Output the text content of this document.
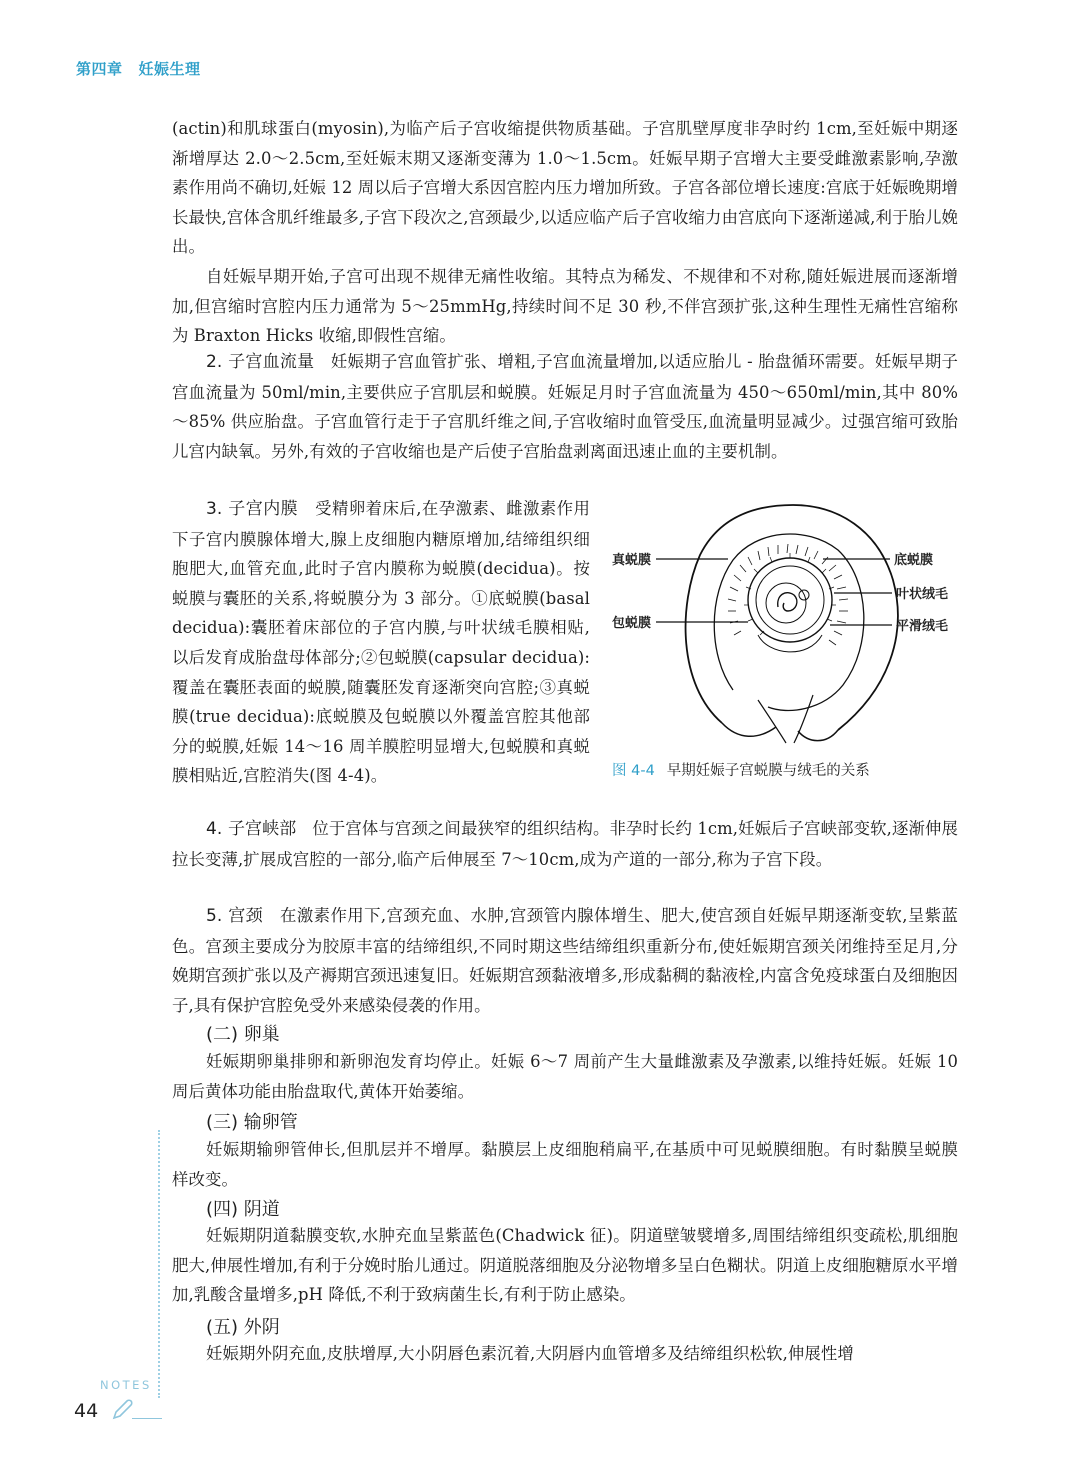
第四章 妊娠生理

(actin)和肌球蛋白(myosin),为临产后子宫收缩提供物质基础。子宫肌壁厚度非孕时约 1cm,至妊娠中期逐渐增厚达 2.0～2.5cm,至妊娠末期又逐渐变薄为 1.0～1.5cm。妊娠早期子宫增大主要受雌激素影响,孕激素作用尚不确切,妊娠 12 周以后子宫增大系因宫腔内压力增加所致。子宫各部位增长速度:宫底于妊娠晚期增长最快,宫体含肌纤维最多,子宫下段次之,宫颈最少,以适应临产后子宫收缩力由宫底向下逐渐递减,利于胎儿娩出。

自妊娠早期开始,子宫可出现不规律无痛性收缩。其特点为稀发、不规律和不对称,随妊娠进展而逐渐增加,但宫缩时宫腔内压力通常为 5～25mmHg,持续时间不足 30 秒,不伴宫颈扩张,这种生理性无痛性宫缩称为 Braxton Hicks 收缩,即假性宫缩。

2. 子宫血流量 妊娠期子宫血管扩张、增粗,子宫血流量增加,以适应胎儿 - 胎盘循环需要。妊娠早期子宫血流量为 50ml/min,主要供应子宫肌层和蜕膜。妊娠足月时子宫血流量为 450～650ml/min,其中 80%～85% 供应胎盘。子宫血管行走于子宫肌纤维之间,子宫收缩时血管受压,血流量明显减少。过强宫缩可致胎儿宫内缺氧。另外,有效的子宫收缩也是产后使子宫胎盘剥离面迅速止血的主要机制。

3. 子宫内膜 受精卵着床后,在孕激素、雌激素作用下子宫内膜腺体增大,腺上皮细胞内糖原增加,结缔组织细胞肥大,血管充血,此时子宫内膜称为蜕膜(decidua)。按蜕膜与囊胚的关系,将蜕膜分为 3 部分。①底蜕膜(basal decidua):囊胚着床部位的子宫内膜,与叶状绒毛膜相贴,以后发育成胎盘母体部分;②包蜕膜(capsular decidua):覆盖在囊胚表面的蜕膜,随囊胚发育逐渐突向宫腔;③真蜕膜(true decidua):底蜕膜及包蜕膜以外覆盖宫腔其他部分的蜕膜,妊娠 14～16 周羊膜腔明显增大,包蜕膜和真蜕膜相贴近,宫腔消失(图 4-4)。

真蜕膜
包蜕膜
底蜕膜
叶状绒毛
平滑绒毛
图 4-4 早期妊娠子宫蜕膜与绒毛的关系

4. 子宫峡部 位于宫体与宫颈之间最狭窄的组织结构。非孕时长约 1cm,妊娠后子宫峡部变软,逐渐伸展拉长变薄,扩展成宫腔的一部分,临产后伸展至 7～10cm,成为产道的一部分,称为子宫下段。

5. 宫颈 在激素作用下,宫颈充血、水肿,宫颈管内腺体增生、肥大,使宫颈自妊娠早期逐渐变软,呈紫蓝色。宫颈主要成分为胶原丰富的结缔组织,不同时期这些结缔组织重新分布,使妊娠期宫颈关闭维持至足月,分娩期宫颈扩张以及产褥期宫颈迅速复旧。妊娠期宫颈黏液增多,形成黏稠的黏液栓,内富含免疫球蛋白及细胞因子,具有保护宫腔免受外来感染侵袭的作用。

(二) 卵巢

妊娠期卵巢排卵和新卵泡发育均停止。妊娠 6～7 周前产生大量雌激素及孕激素,以维持妊娠。妊娠 10 周后黄体功能由胎盘取代,黄体开始萎缩。

(三) 输卵管

妊娠期输卵管伸长,但肌层并不增厚。黏膜层上皮细胞稍扁平,在基质中可见蜕膜细胞。有时黏膜呈蜕膜样改变。

(四) 阴道

妊娠期阴道黏膜变软,水肿充血呈紫蓝色(Chadwick 征)。阴道壁皱襞增多,周围结缔组织变疏松,肌细胞肥大,伸展性增加,有利于分娩时胎儿通过。阴道脱落细胞及分泌物增多呈白色糊状。阴道上皮细胞糖原水平增加,乳酸含量增多,pH 降低,不利于致病菌生长,有利于防止感染。

(五) 外阴

妊娠期外阴充血,皮肤增厚,大小阴唇色素沉着,大阴唇内血管增多及结缔组织松软,伸展性增

NOTES
44
